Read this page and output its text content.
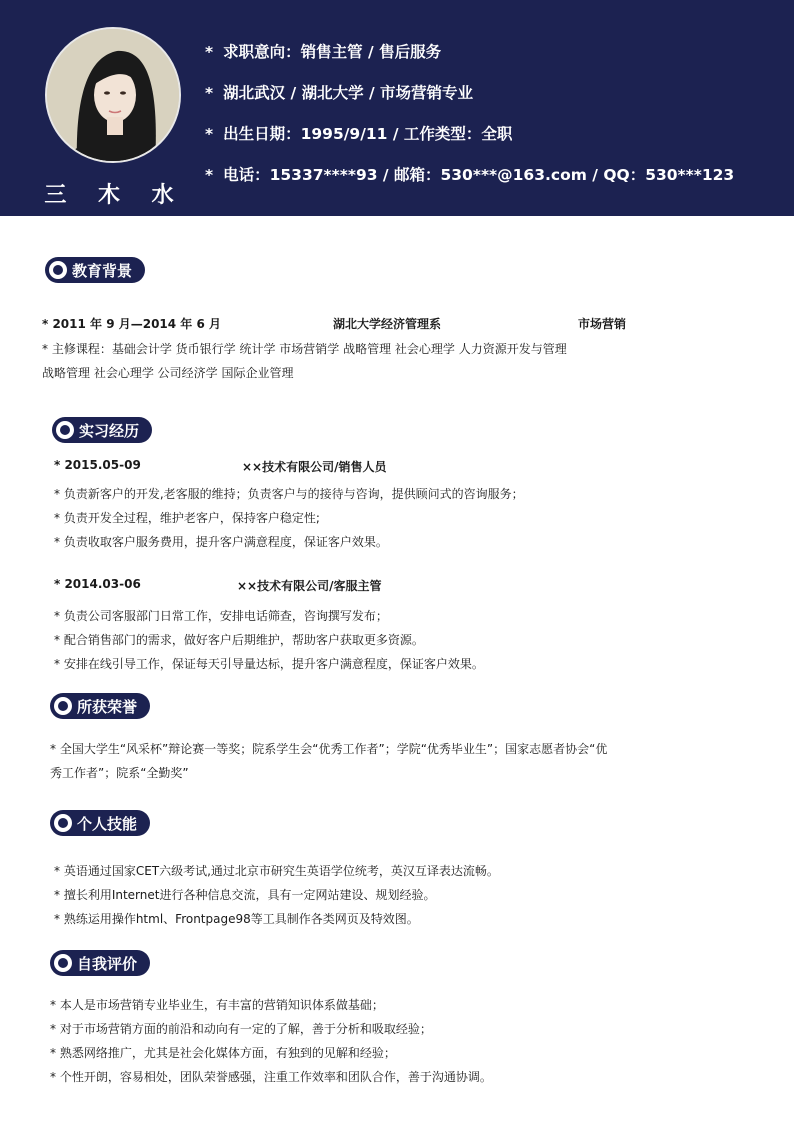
三 木 水
* 求职意向：销售主管 / 售后服务
* 湖北武汉 / 湖北大学 / 市场营销专业
* 出生日期：1995/9/11 / 工作类型：全职
* 电话：15337****93 / 邮箱：530***@163.com / QQ：530***123
教育背景
* 2011 年 9 月—2014 年 6 月	湖北大学经济管理系	市场营销
* 主修课程：基础会计学 货币银行学 统计学 市场营销学 战略管理 社会心理学 人力资源开发与管理
战略管理 社会心理学 公司经济学 国际企业管理
实习经历
* 2015.05-09	××技术有限公司/销售人员
* 负责新客户的开发,老客服的维持；负责客户与的接待与咨询，提供顾问式的咨询服务；
* 负责开发全过程，维护老客户，保持客户稳定性;
* 负责收取客户服务费用，提升客户满意程度，保证客户效果。
* 2014.03-06	××技术有限公司/客服主管
* 负责公司客服部门日常工作，安排电话筛查，咨询撰写发布；
* 配合销售部门的需求，做好客户后期维护，帮助客户获取更多资源。
* 安排在线引导工作，保证每天引导量达标，提升客户满意程度，保证客户效果。
所获荣誉
* 全国大学生“风采杯”辩论赛一等奖；院系学生会“优秀工作者”；学院“优秀毕业生”；国家志愿者协会“优
秀工作者”；院系“全勤奖”
个人技能
* 英语通过国家CET六级考试,通过北京市研究生英语学位统考，英汉互译表达流畅。
* 擅长利用Internet进行各种信息交流，具有一定网站建设、规划经验。
* 熟练运用操作html、Frontpage98等工具制作各类网页及特效图。
自我评价
* 本人是市场营销专业毕业生，有丰富的营销知识体系做基础；
* 对于市场营销方面的前沿和动向有一定的了解，善于分析和吸取经验；
* 熟悉网络推广，尤其是社会化媒体方面，有独到的见解和经验；
* 个性开朗，容易相处，团队荣誉感强，注重工作效率和团队合作，善于沟通协调。
